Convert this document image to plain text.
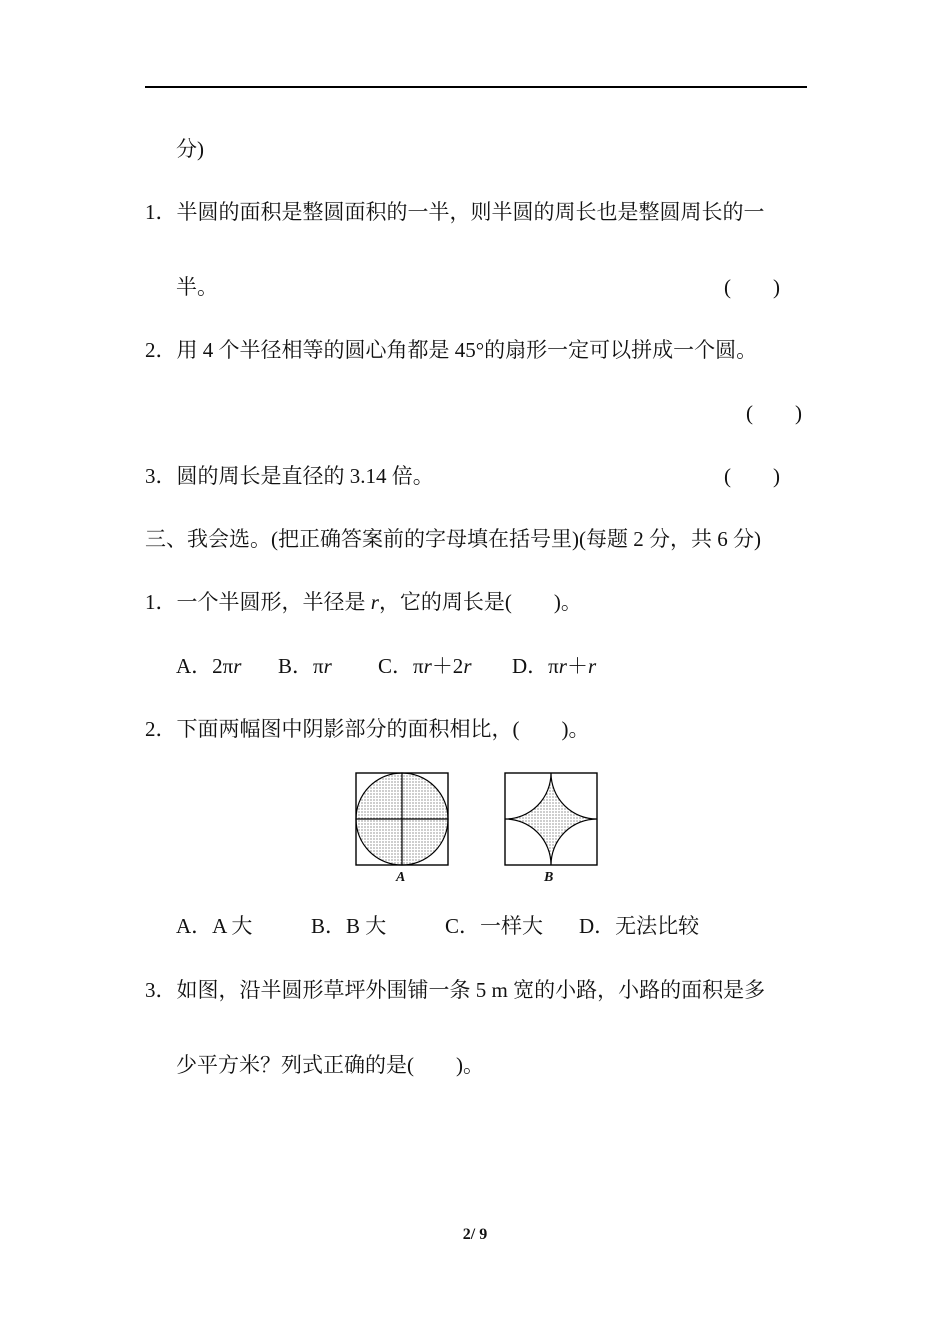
分)
1．半圆的面积是整圆面积的一半，则半圆的周长也是整圆周长的一
半。	(　　)
2．用 4 个半径相等的圆心角都是 45°的扇形一定可以拼成一个圆。
(　　)
3．圆的周长是直径的 3.14 倍。	(　　)
三、我会选。(把正确答案前的字母填在括号里)(每题 2 分，共 6 分)
1．一个半圆形，半径是 r，它的周长是(　　)。
A．2πr B．πr C．πr＋2r D．πr＋r
2．下面两幅图中阴影部分的面积相比，(　　)。
A	B
A．A 大	B．B 大	C．一样大 D．无法比较
3．如图，沿半圆形草坪外围铺一条 5 m 宽的小路，小路的面积是多
少平方米？列式正确的是(　　)。
2/ 9
